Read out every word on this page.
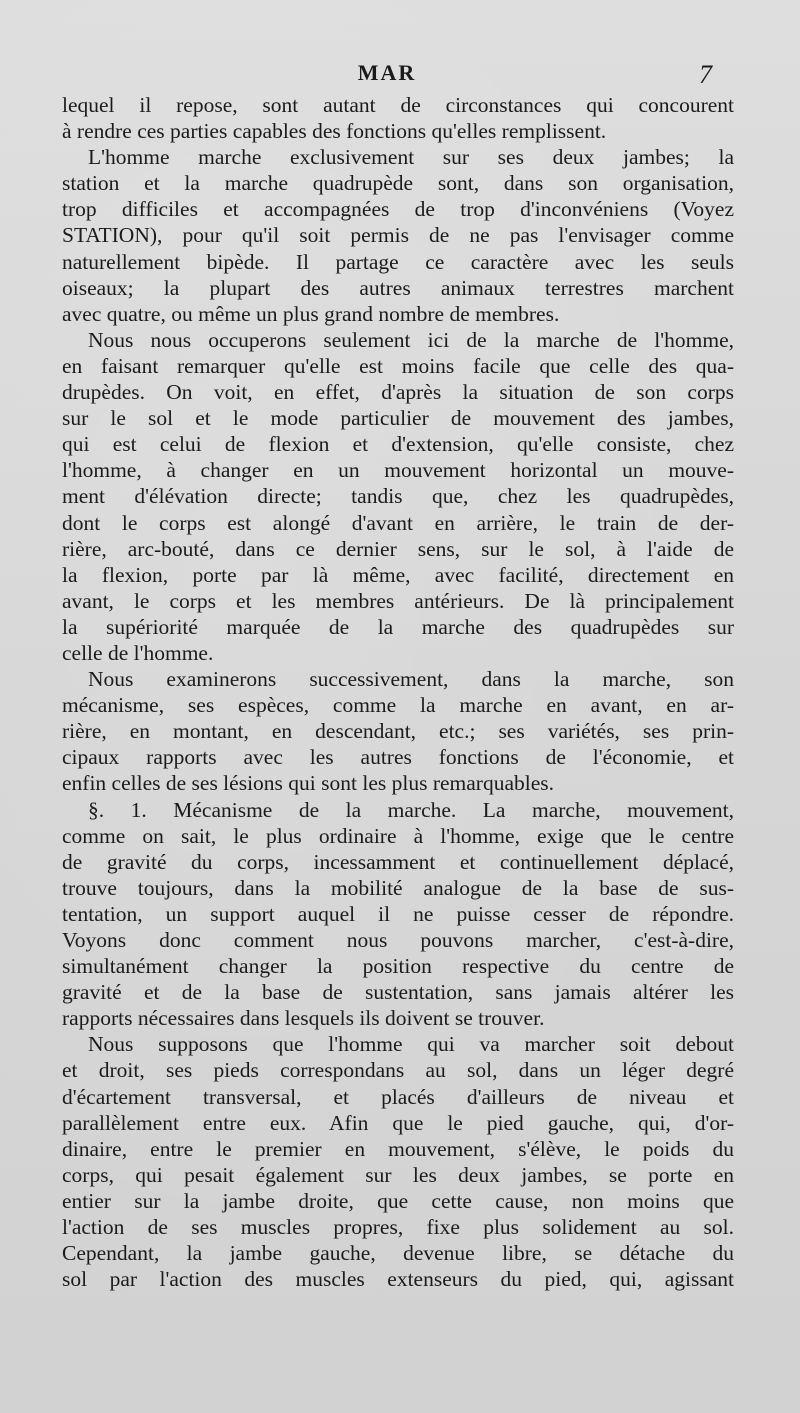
MAR	7
lequel il repose, sont autant de circonstances qui concourent
à rendre ces parties capables des fonctions qu'elles remplissent.
L'homme marche exclusivement sur ses deux jambes; la
station et la marche quadrupède sont, dans son organisation,
trop difficiles et accompagnées de trop d'inconvéniens (Voyez
STATION), pour qu'il soit permis de ne pas l'envisager comme
naturellement bipède. Il partage ce caractère avec les seuls
oiseaux; la plupart des autres animaux terrestres marchent
avec quatre, ou même un plus grand nombre de membres.
Nous nous occuperons seulement ici de la marche de l'homme,
en faisant remarquer qu'elle est moins facile que celle des qua-
drupèdes. On voit, en effet, d'après la situation de son corps
sur le sol et le mode particulier de mouvement des jambes,
qui est celui de flexion et d'extension, qu'elle consiste, chez
l'homme, à changer en un mouvement horizontal un mouve-
ment d'élévation directe; tandis que, chez les quadrupèdes,
dont le corps est alongé d'avant en arrière, le train de der-
rière, arc-bouté, dans ce dernier sens, sur le sol, à l'aide de
la flexion, porte par là même, avec facilité, directement en
avant, le corps et les membres antérieurs. De là principalement
la supériorité marquée de la marche des quadrupèdes sur
celle de l'homme.
Nous examinerons successivement, dans la marche, son
mécanisme, ses espèces, comme la marche en avant, en ar-
rière, en montant, en descendant, etc.; ses variétés, ses prin-
cipaux rapports avec les autres fonctions de l'économie, et
enfin celles de ses lésions qui sont les plus remarquables.
§. 1. Mécanisme de la marche. La marche, mouvement,
comme on sait, le plus ordinaire à l'homme, exige que le centre
de gravité du corps, incessamment et continuellement déplacé,
trouve toujours, dans la mobilité analogue de la base de sus-
tentation, un support auquel il ne puisse cesser de répondre.
Voyons donc comment nous pouvons marcher, c'est-à-dire,
simultanément changer la position respective du centre de
gravité et de la base de sustentation, sans jamais altérer les
rapports nécessaires dans lesquels ils doivent se trouver.
Nous supposons que l'homme qui va marcher soit debout
et droit, ses pieds correspondans au sol, dans un léger degré
d'écartement transversal, et placés d'ailleurs de niveau et
parallèlement entre eux. Afin que le pied gauche, qui, d'or-
dinaire, entre le premier en mouvement, s'élève, le poids du
corps, qui pesait également sur les deux jambes, se porte en
entier sur la jambe droite, que cette cause, non moins que
l'action de ses muscles propres, fixe plus solidement au sol.
Cependant, la jambe gauche, devenue libre, se détache du
sol par l'action des muscles extenseurs du pied, qui, agissant
